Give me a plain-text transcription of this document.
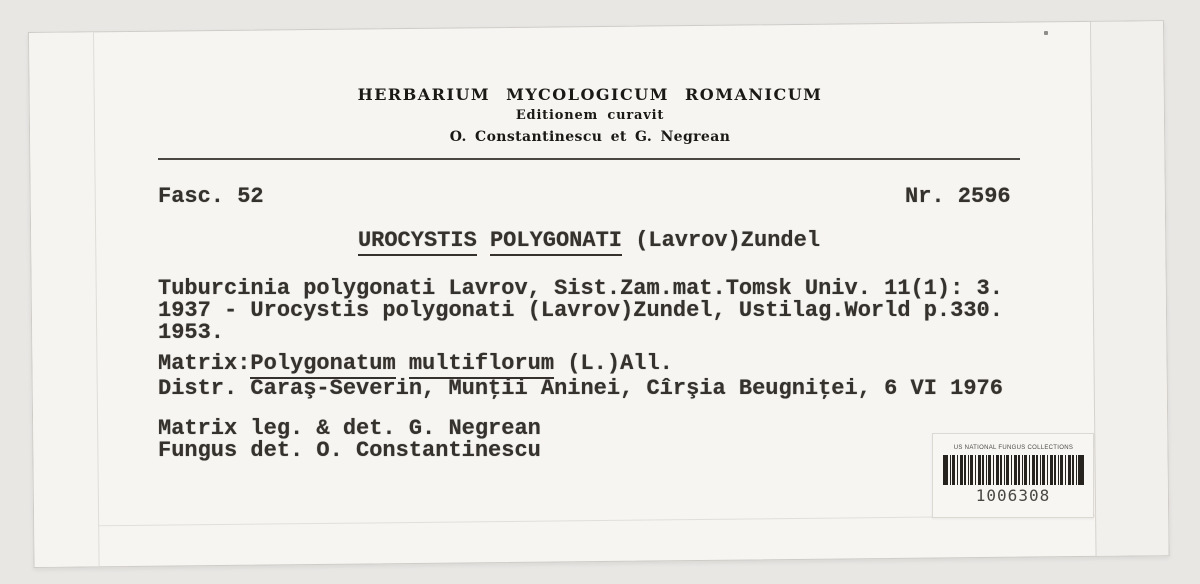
HERBARIUM MYCOLOGICUM ROMANICUM
Editionem curavit
O. Constantinescu et G. Negrean
Fasc. 52	Nr. 2596
UROCYSTIS POLYGONATI (Lavrov)Zundel
Tuburcinia polygonati Lavrov, Sist.Zam.mat.Tomsk Univ. 11(1): 3.
1937 - Urocystis polygonati (Lavrov)Zundel, Ustilag.World p.330.
1953.
Matrix:Polygonatum multiflorum (L.)All.
Distr. Caraş-Severin, Munţii Aninei, Cîrşia Beugniţei, 6 VI 1976
Matrix leg. & det. G. Negrean
Fungus det. O. Constantinescu	US NATIONAL FUNGUS COLLECTIONS
1006308
